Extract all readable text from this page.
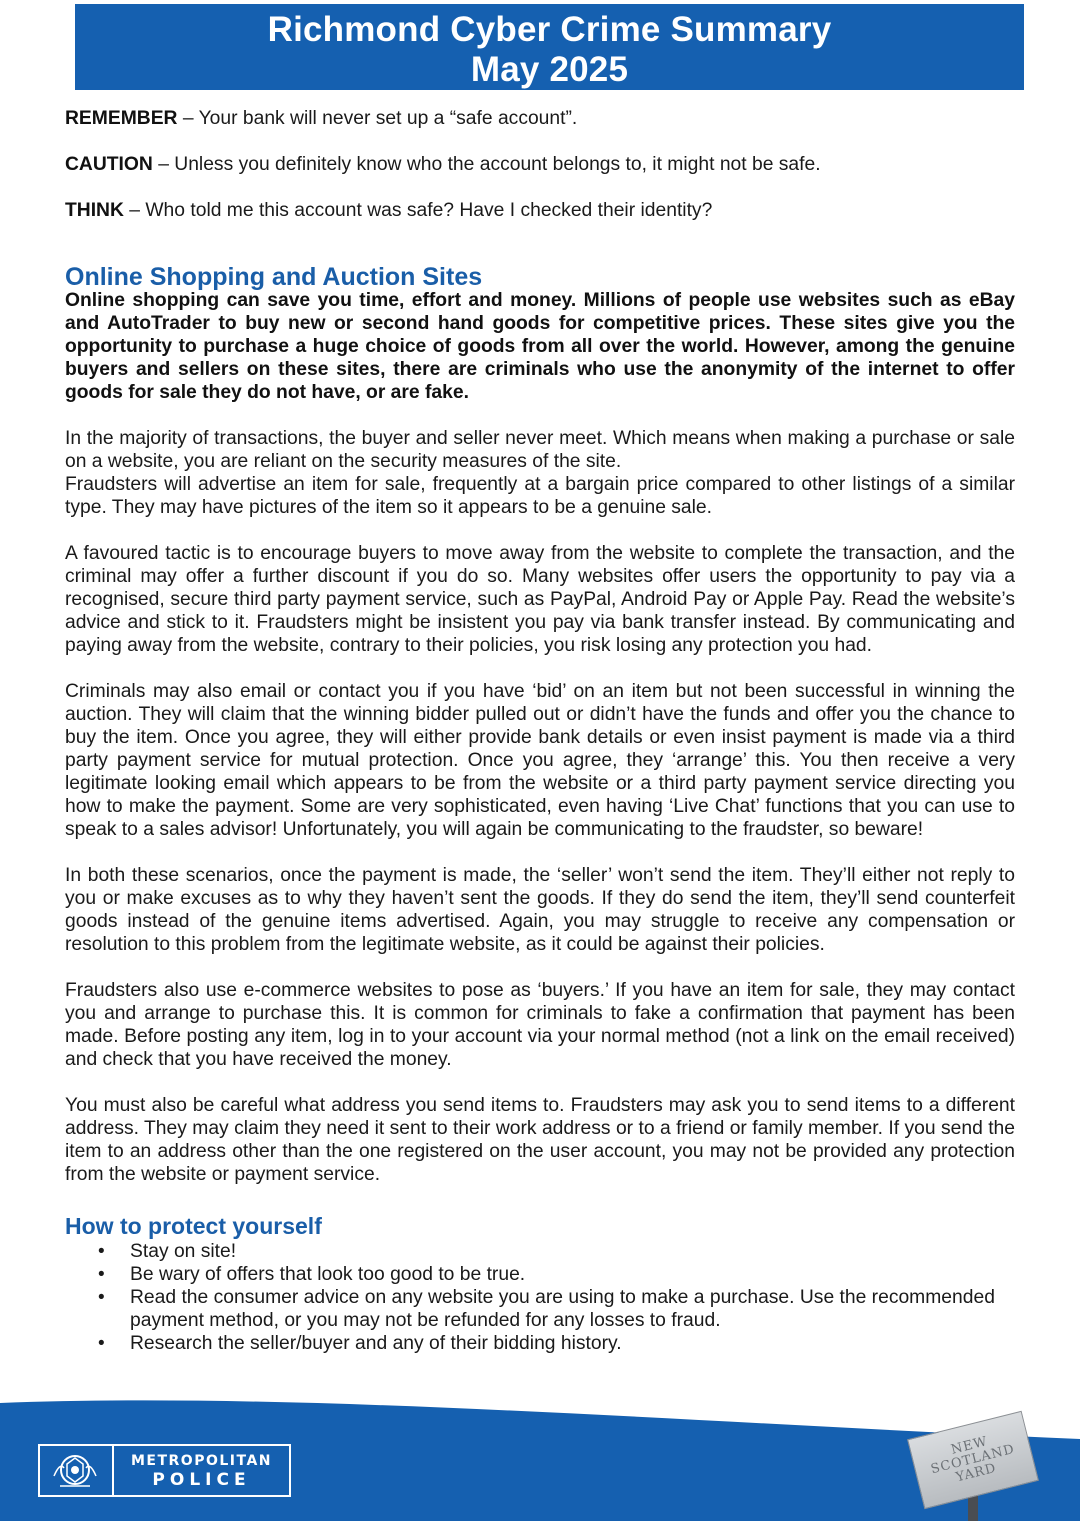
Richmond Cyber Crime Summary
May 2025

REMEMBER – Your bank will never set up a “safe account”.

CAUTION – Unless you definitely know who the account belongs to, it might not be safe.

THINK – Who told me this account was safe? Have I checked their identity?

Online Shopping and Auction Sites

Online shopping can save you time, effort and money. Millions of people use websites such as eBay and AutoTrader to buy new or second hand goods for competitive prices. These sites give you the opportunity to purchase a huge choice of goods from all over the world. However, among the genuine buyers and sellers on these sites, there are criminals who use the anonymity of the internet to offer goods for sale they do not have, or are fake.

In the majority of transactions, the buyer and seller never meet. Which means when making a purchase or sale on a website, you are reliant on the security measures of the site.

Fraudsters will advertise an item for sale, frequently at a bargain price compared to other listings of a similar type. They may have pictures of the item so it appears to be a genuine sale.

A favoured tactic is to encourage buyers to move away from the website to complete the transaction, and the criminal may offer a further discount if you do so. Many websites offer users the opportunity to pay via a recognised, secure third party payment service, such as PayPal, Android Pay or Apple Pay. Read the website’s advice and stick to it. Fraudsters might be insistent you pay via bank transfer instead. By communicating and paying away from the website, contrary to their policies, you risk losing any protection you had.

Criminals may also email or contact you if you have ‘bid’ on an item but not been successful in winning the auction. They will claim that the winning bidder pulled out or didn’t have the funds and offer you the chance to buy the item. Once you agree, they will either provide bank details or even insist payment is made via a third party payment service for mutual protection. Once you agree, they ‘arrange’ this. You then receive a very legitimate looking email which appears to be from the website or a third party payment service directing you how to make the payment. Some are very sophisticated, even having ‘Live Chat’ functions that you can use to speak to a sales advisor! Unfortunately, you will again be communicating to the fraudster, so beware!

In both these scenarios, once the payment is made, the ‘seller’ won’t send the item. They’ll either not reply to you or make excuses as to why they haven’t sent the goods. If they do send the item, they’ll send counterfeit goods instead of the genuine items advertised. Again, you may struggle to receive any compensation or resolution to this problem from the legitimate website, as it could be against their policies.

Fraudsters also use e-commerce websites to pose as ‘buyers.’ If you have an item for sale, they may contact you and arrange to purchase this. It is common for criminals to fake a confirmation that payment has been made. Before posting any item, log in to your account via your normal method (not a link on the email received) and check that you have received the money.

You must also be careful what address you send items to. Fraudsters may ask you to send items to a different address. They may claim they need it sent to their work address or to a friend or family member. If you send the item to an address other than the one registered on the user account, you may not be provided any protection from the website or payment service.

How to protect yourself
• Stay on site!
• Be wary of offers that look too good to be true.
• Read the consumer advice on any website you are using to make a purchase. Use the recommended payment method, or you may not be refunded for any losses to fraud.
• Research the seller/buyer and any of their bidding history.
METROPOLITAN
POLICE
NEW SCOTLAND YARD
